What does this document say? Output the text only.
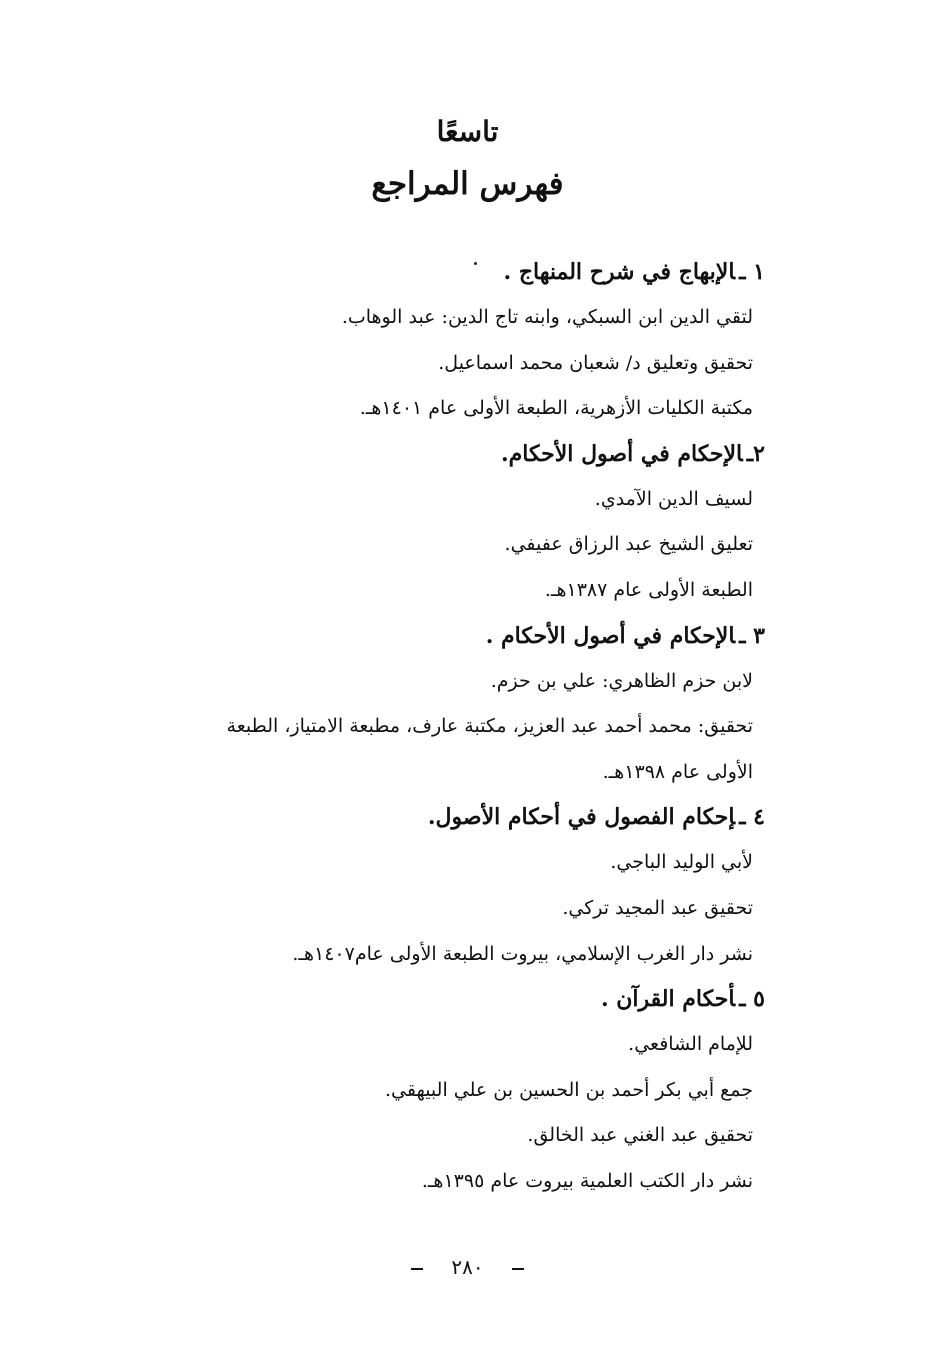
تاسعًا
فهرس المراجع
١ ـالإبهاج في شرح المنهاج .
لتقي الدين ابن السبكي، وابنه تاج الدين: عبد الوهاب.
تحقيق وتعليق د/ شعبان محمد اسماعيل.
مكتبة الكليات الأزهرية، الطبعة الأولى عام ١٤٠١هـ.
٢ـالإحكام في أصول الأحكام.
لسيف الدين الآمدي.
تعليق الشيخ عبد الرزاق عفيفي.
الطبعة الأولى عام ١٣٨٧هـ.
٣ ـالإحكام في أصول الأحكام .
لابن حزم الظاهري: علي بن حزم.
تحقيق: محمد أحمد عبد العزيز، مكتبة عارف، مطبعة الامتياز، الطبعة
الأولى عام ١٣٩٨هـ.
٤ ـإحكام الفصول في أحكام الأصول.
لأبي الوليد الباجي.
تحقيق عبد المجيد تركي.
نشر دار الغرب الإسلامي، بيروت الطبعة الأولى عام١٤٠٧هـ.
٥ ـأحكام القرآن .
للإمام الشافعي.
جمع أبي بكر أحمد بن الحسين بن علي البيهقي.
تحقيق عبد الغني عبد الخالق.
نشر دار الكتب العلمية بيروت عام ١٣٩٥هـ.
٢٨٠
